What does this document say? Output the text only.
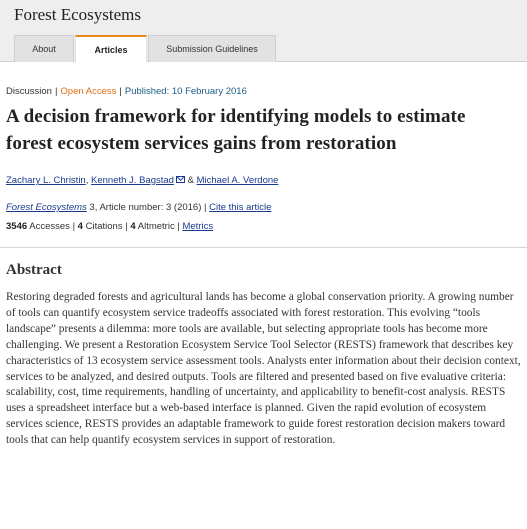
Forest Ecosystems
About	Articles	Submission Guidelines
Discussion | Open Access | Published: 10 February 2016
A decision framework for identifying models to estimate forest ecosystem services gains from restoration
Zachary L. Christin, Kenneth J. Bagstad & Michael A. Verdone
Forest Ecosystems 3, Article number: 3 (2016) | Cite this article
3546 Accesses | 4 Citations | 4 Altmetric | Metrics
Abstract

Restoring degraded forests and agricultural lands has become a global conservation priority. A growing number of tools can quantify ecosystem service tradeoffs associated with forest restoration. This evolving “tools landscape” presents a dilemma: more tools are available, but selecting appropriate tools has become more challenging. We present a Restoration Ecosystem Service Tool Selector (RESTS) framework that describes key characteristics of 13 ecosystem service assessment tools. Analysts enter information about their decision context, services to be analyzed, and desired outputs. Tools are filtered and presented based on five evaluative criteria: scalability, cost, time requirements, handling of uncertainty, and applicability to benefit-cost analysis. RESTS uses a spreadsheet interface but a web-based interface is planned. Given the rapid evolution of ecosystem services science, RESTS provides an adaptable framework to guide forest restoration decision makers toward tools that can help quantify ecosystem services in support of restoration.
